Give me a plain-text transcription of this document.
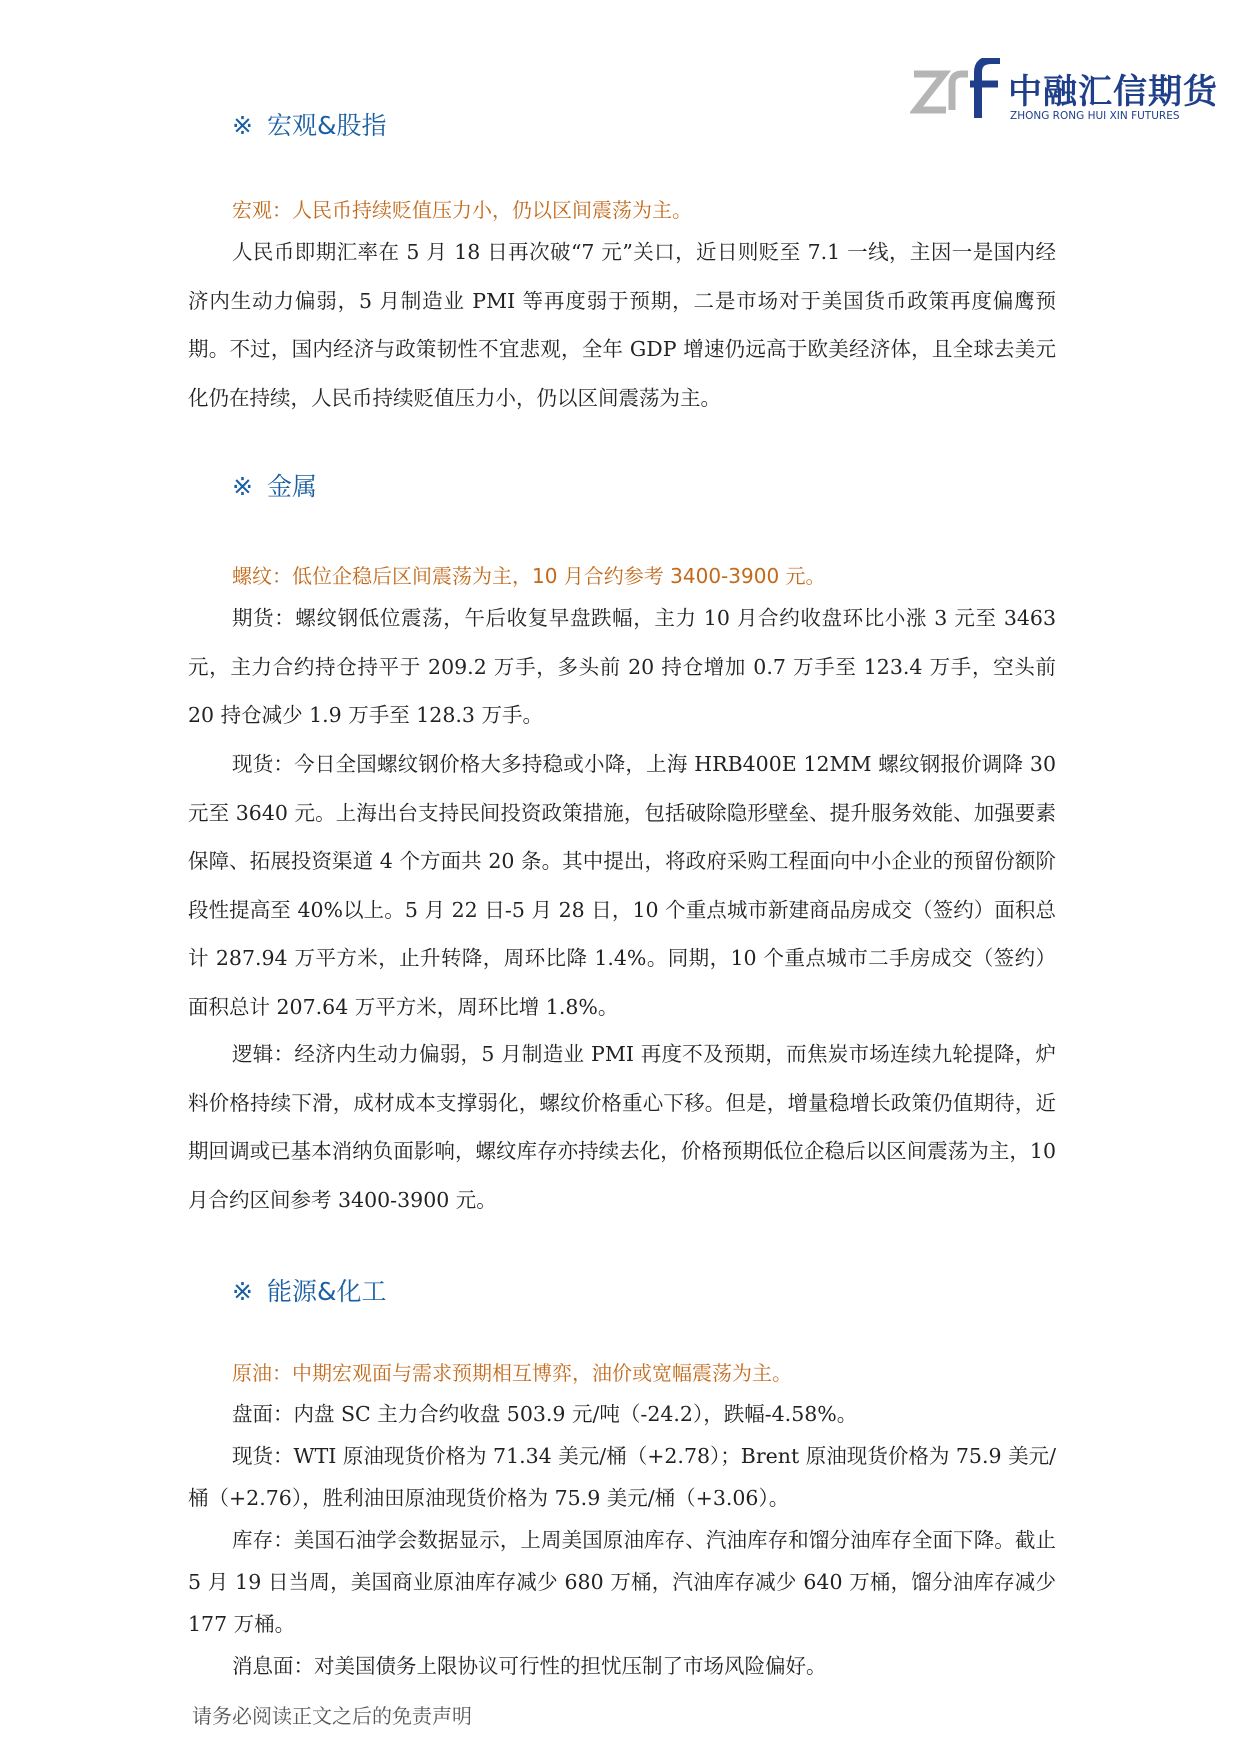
中融汇信期货
ZHONG RONG HUI XIN FUTURES
※ 宏观&股指
宏观：人民币持续贬值压力小，仍以区间震荡为主。

人民币即期汇率在 5 月 18 日再次破“7 元”关口，近日则贬至 7.1 一线，主因一是国内经济内生动力偏弱，5 月制造业 PMI 等再度弱于预期，二是市场对于美国货币政策再度偏鹰预期。不过，国内经济与政策韧性不宜悲观，全年 GDP 增速仍远高于欧美经济体，且全球去美元化仍在持续，人民币持续贬值压力小，仍以区间震荡为主。

※ 金属
螺纹：低位企稳后区间震荡为主，10 月合约参考 3400-3900 元。

期货：螺纹钢低位震荡，午后收复早盘跌幅，主力 10 月合约收盘环比小涨 3 元至 3463 元，主力合约持仓持平于 209.2 万手，多头前 20 持仓增加 0.7 万手至 123.4 万手，空头前 20 持仓减少 1.9 万手至 128.3 万手。

现货：今日全国螺纹钢价格大多持稳或小降，上海 HRB400E 12MM 螺纹钢报价调降 30 元至 3640 元。上海出台支持民间投资政策措施，包括破除隐形壁垒、提升服务效能、加强要素保障、拓展投资渠道 4 个方面共 20 条。其中提出，将政府采购工程面向中小企业的预留份额阶段性提高至 40%以上。5 月 22 日-5 月 28 日，10 个重点城市新建商品房成交（签约）面积总计 287.94 万平方米，止升转降，周环比降 1.4%。同期，10 个重点城市二手房成交（签约）面积总计 207.64 万平方米，周环比增 1.8%。

逻辑：经济内生动力偏弱，5 月制造业 PMI 再度不及预期，而焦炭市场连续九轮提降，炉料价格持续下滑，成材成本支撑弱化，螺纹价格重心下移。但是，增量稳增长政策仍值期待，近期回调或已基本消纳负面影响，螺纹库存亦持续去化，价格预期低位企稳后以区间震荡为主，10 月合约区间参考 3400-3900 元。

※ 能源&化工
原油：中期宏观面与需求预期相互博弈，油价或宽幅震荡为主。

盘面：内盘 SC 主力合约收盘 503.9 元/吨（-24.2），跌幅-4.58%。

现货：WTI 原油现货价格为 71.34 美元/桶（+2.78）；Brent 原油现货价格为 75.9 美元/桶（+2.76），胜利油田原油现货价格为 75.9 美元/桶（+3.06）。

库存：美国石油学会数据显示，上周美国原油库存、汽油库存和馏分油库存全面下降。截止 5 月 19 日当周，美国商业原油库存减少 680 万桶，汽油库存减少 640 万桶，馏分油库存减少 177 万桶。

消息面：对美国债务上限协议可行性的担忧压制了市场风险偏好。

请务必阅读正文之后的免责声明
